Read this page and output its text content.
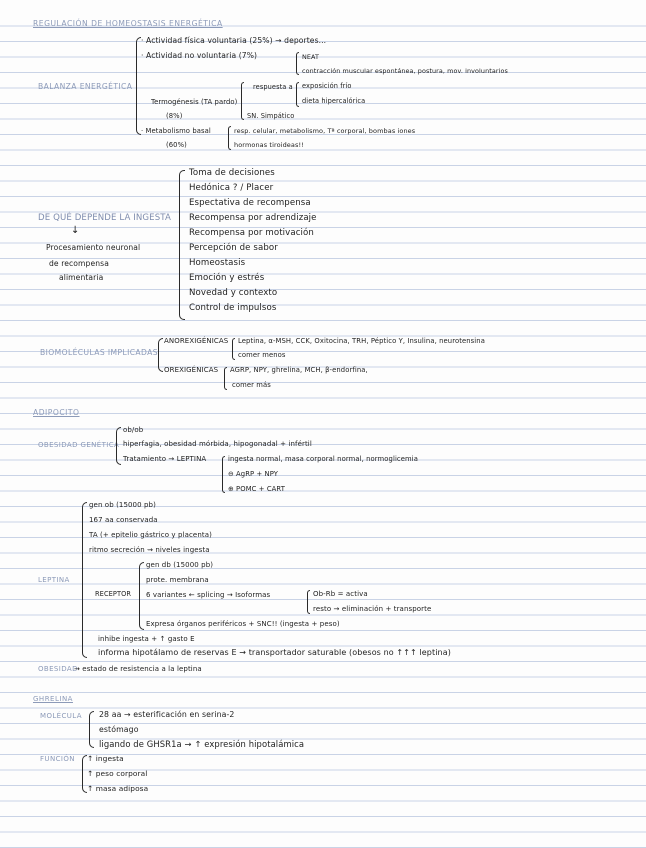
REGULACIÓN DE HOMEOSTASIS ENERGÉTICA
BALANZA ENERGÉTICA
· Actividad física voluntaria (25%) → deportes...
· Actividad no voluntaria (7%)	NEAT
contracción muscular espontánea, postura, mov. involuntarios
respuesta a exposición frío
dieta hipercalórica
Termogénesis (TA pardo)
(8%)	SN. Simpático
· Metabolismo basal
(60%)
resp. celular, metabolismo, Tª corporal, bombas iones
hormonas tiroideas!!
DE QUÉ DEPENDE LA INGESTA
↓
Procesamiento neuronal
de recompensa
alimentaria
Toma de decisiones
Hedónica ? / Placer
Espectativa de recompensa
Recompensa por adrendizaje
Recompensa por motivación
Percepción de sabor
Homeostasis
Emoción y estrés
Novedad y contexto
Control de impulsos
BIOMOLÉCULAS IMPLICADAS
ANOREXIGÉNICAS Leptina, α-MSH, CCK, Oxitocina, TRH, Péptico Y, Insulina, neurotensina
comer menos
OREXIGÉNICAS AGRP, NPY, ghrelina, MCH, β-endorfina,
comer más
ADIPOCITO
OBESIDAD GENÉTICA
ob/ob
hiperfagia, obesidad mórbida, hipogonadal + infértil
Tratamiento → LEPTINA	ingesta normal, masa corporal normal, normoglicemia
⊖ AgRP + NPY
⊕ POMC + CART
LEPTINA
gen ob (15000 pb)
167 aa conservada
TA (+ epitelio gástrico y placenta)
ritmo secreción ⇝ niveles ingesta
RECEPTOR
gen db (15000 pb)
prote. membrana
6 variantes ← splicing → Isoformas	Ob-Rb = activa
resto → eliminación + transporte
Expresa órganos periféricos + SNC!! (ingesta + peso)
inhibe ingesta + ↑ gasto E
informa hipotálamo de reservas E → transportador saturable (obesos no ↑↑↑ leptina)
OBESIDAD
→ estado de resistencia a la leptina
GHRELINA
MOLÉCULA 28 aa → esterificación en serina-2
estómago
ligando de GHSR1a → ↑ expresión hipotalámica
FUNCIÓN ↑ ingesta
↑ peso corporal
↑ masa adiposa
